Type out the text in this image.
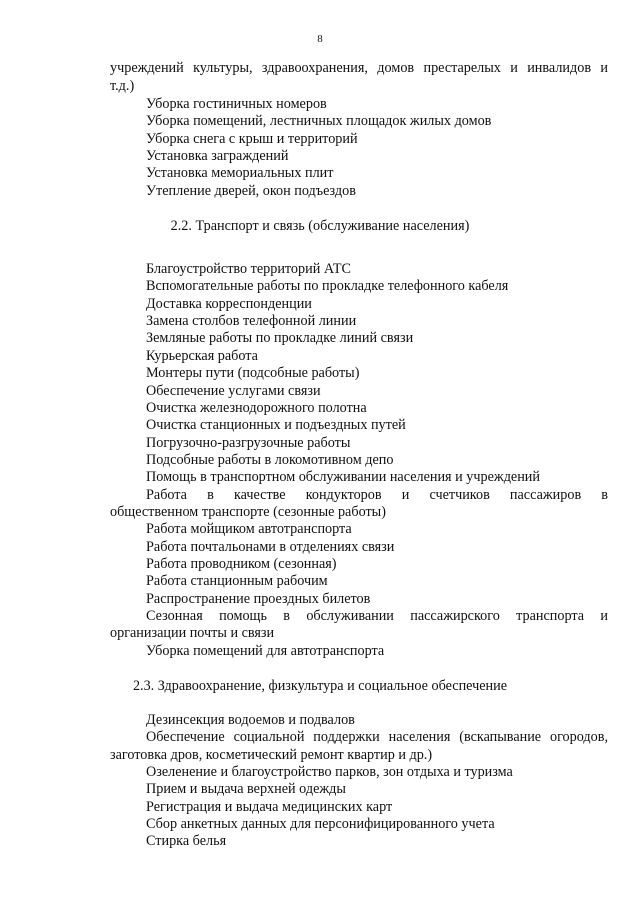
8
учреждений культуры, здравоохранения, домов престарелых и инвалидов и
т.д.)
Уборка гостиничных номеров
Уборка помещений, лестничных площадок жилых домов
Уборка снега с крыш и территорий
Установка заграждений
Установка мемориальных плит
Утепление дверей, окон подъездов
2.2. Транспорт и связь (обслуживание населения)
Благоустройство территорий АТС
Вспомогательные работы по прокладке телефонного кабеля
Доставка корреспонденции
Замена столбов телефонной линии
Земляные работы по прокладке линий связи
Курьерская работа
Монтеры пути (подсобные работы)
Обеспечение услугами связи
Очистка железнодорожного полотна
Очистка станционных и подъездных путей
Погрузочно-разгрузочные работы
Подсобные работы в локомотивном депо
Помощь в транспортном обслуживании населения и учреждений
Работа в качестве кондукторов и счетчиков пассажиров в
общественном транспорте (сезонные работы)
Работа мойщиком автотранспорта
Работа почтальонами в отделениях связи
Работа проводником (сезонная)
Работа станционным рабочим
Распространение проездных билетов
Сезонная помощь в обслуживании пассажирского транспорта и
организации почты и связи
Уборка помещений для автотранспорта
2.3. Здравоохранение, физкультура и социальное обеспечение
Дезинсекция водоемов и подвалов
Обеспечение социальной поддержки населения (вскапывание огородов,
заготовка дров, косметический ремонт квартир и др.)
Озеленение и благоустройство парков, зон отдыха и туризма
Прием и выдача верхней одежды
Регистрация и выдача медицинских карт
Сбор анкетных данных для персонифицированного учета
Стирка белья
